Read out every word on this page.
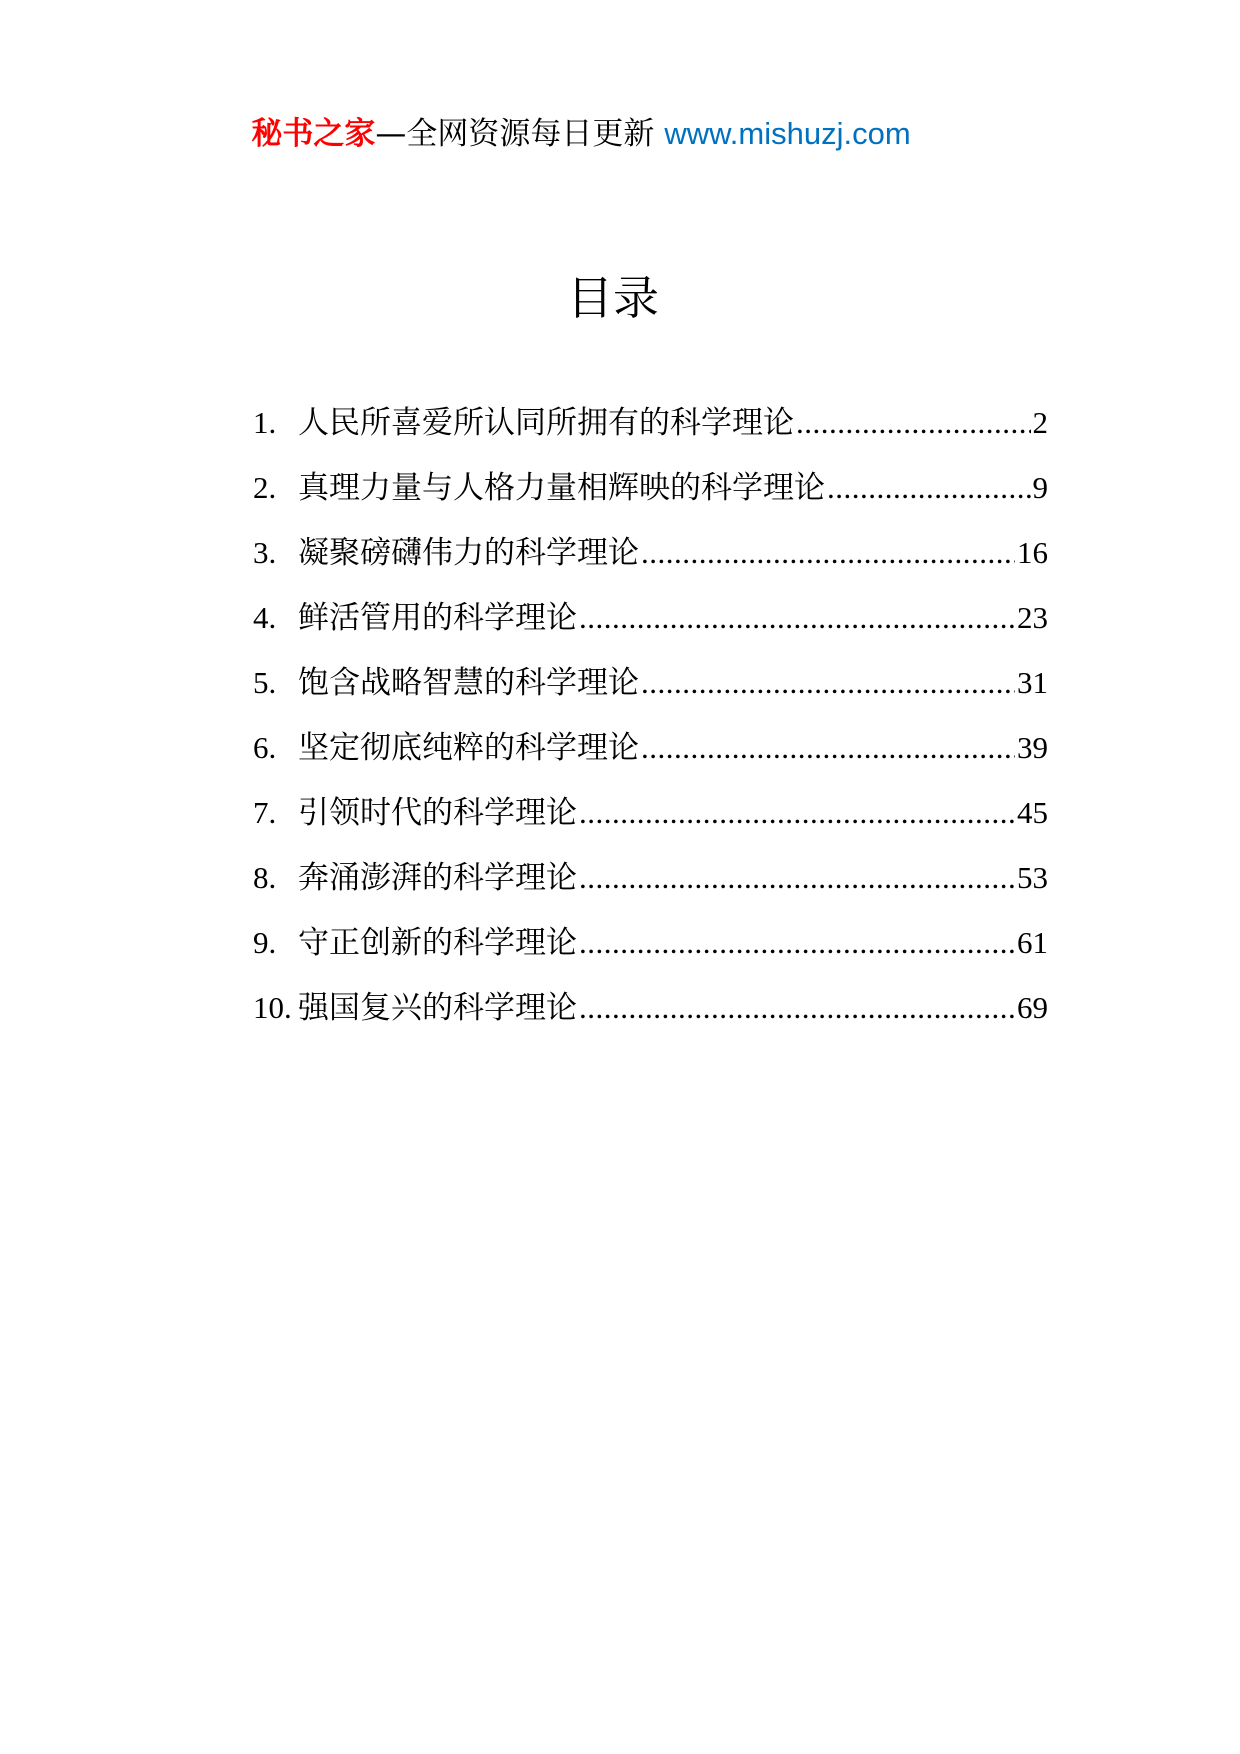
秘书之家—全网资源每日更新 www.mishuzj.com
目录
1. 人民所喜爱所认同所拥有的科学理论 .....	2
2. 真理力量与人格力量相辉映的科学理论 .....	9
3. 凝聚磅礴伟力的科学理论 .....	16
4. 鲜活管用的科学理论 .....	23
5. 饱含战略智慧的科学理论 .....	31
6. 坚定彻底纯粹的科学理论 .....	39
7. 引领时代的科学理论 .....	45
8. 奔涌澎湃的科学理论 .....	53
9. 守正创新的科学理论 .....	61
10. 强国复兴的科学理论 .....	69
